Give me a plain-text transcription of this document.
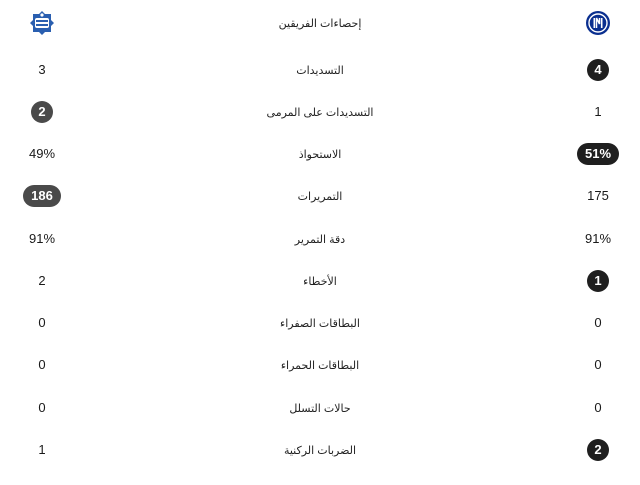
إحصاءات الفريقين
3	التسديدات	4
2	التسديدات على المرمى	1
49%	الاستحواذ	51%
186	التمريرات	175
91%	دقة التمرير	91%
2	الأخطاء	1
0	البطاقات الصفراء	0
0	البطاقات الحمراء	0
0	حالات التسلل	0
1	الضربات الركنية	2
